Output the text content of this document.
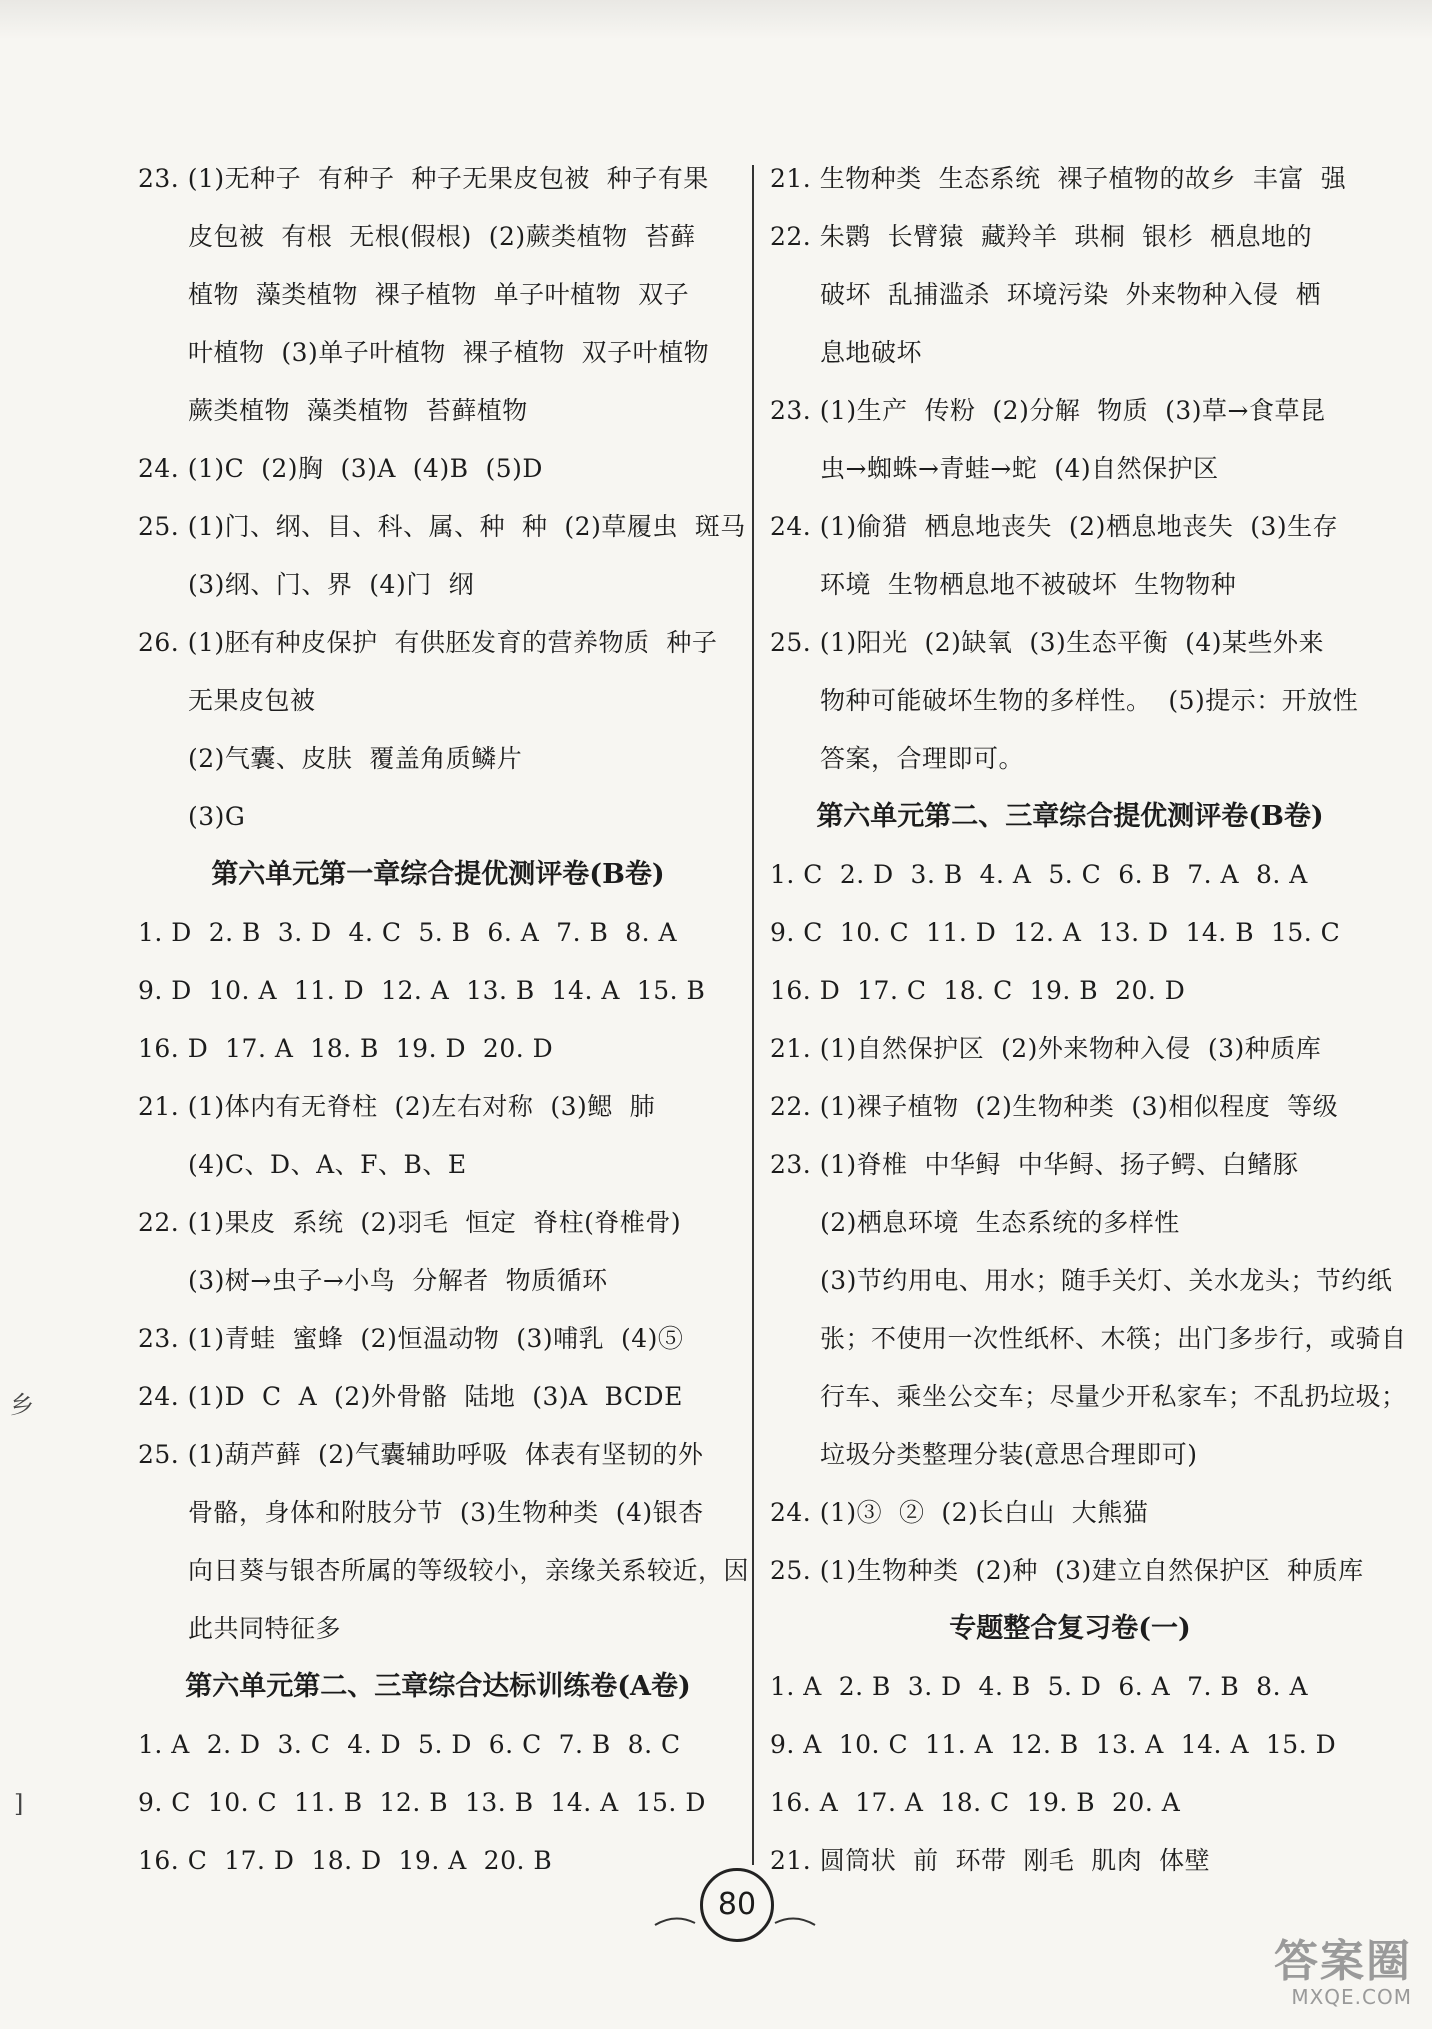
23. (1)无种子  有种子  种子无果皮包被  种子有果
皮包被  有根  无根(假根)  (2)蕨类植物  苔藓
植物  藻类植物  裸子植物  单子叶植物  双子
叶植物  (3)单子叶植物  裸子植物  双子叶植物
蕨类植物  藻类植物  苔藓植物
24. (1)C  (2)胸  (3)A  (4)B  (5)D
25. (1)门、纲、目、科、属、种  种  (2)草履虫  斑马
(3)纲、门、界  (4)门  纲
26. (1)胚有种皮保护  有供胚发育的营养物质  种子
无果皮包被
(2)气囊、皮肤  覆盖角质鳞片
(3)G
第六单元第一章综合提优测评卷(B卷)
1. D  2. B  3. D  4. C  5. B  6. A  7. B  8. A
9. D  10. A  11. D  12. A  13. B  14. A  15. B
16. D  17. A  18. B  19. D  20. D
21. (1)体内有无脊柱  (2)左右对称  (3)鳃  肺
(4)C、D、A、F、B、E
22. (1)果皮  系统  (2)羽毛  恒定  脊柱(脊椎骨)
(3)树→虫子→小鸟  分解者  物质循环
23. (1)青蛙  蜜蜂  (2)恒温动物  (3)哺乳  (4)⑤
24. (1)D  C  A  (2)外骨骼  陆地  (3)A  BCDE
25. (1)葫芦藓  (2)气囊辅助呼吸  体表有坚韧的外
骨骼，身体和附肢分节  (3)生物种类  (4)银杏
向日葵与银杏所属的等级较小，亲缘关系较近，因
此共同特征多
第六单元第二、三章综合达标训练卷(A卷)
1. A  2. D  3. C  4. D  5. D  6. C  7. B  8. C
9. C  10. C  11. B  12. B  13. B  14. A  15. D
16. C  17. D  18. D  19. A  20. B
21. 生物种类  生态系统  裸子植物的故乡  丰富  强
22. 朱鹮  长臂猿  藏羚羊  珙桐  银杉  栖息地的
破坏  乱捕滥杀  环境污染  外来物种入侵  栖
息地破坏
23. (1)生产  传粉  (2)分解  物质  (3)草→食草昆
虫→蜘蛛→青蛙→蛇  (4)自然保护区
24. (1)偷猎  栖息地丧失  (2)栖息地丧失  (3)生存
环境  生物栖息地不被破坏  生物物种
25. (1)阳光  (2)缺氧  (3)生态平衡  (4)某些外来
物种可能破坏生物的多样性。  (5)提示：开放性
答案，合理即可。
第六单元第二、三章综合提优测评卷(B卷)
1. C  2. D  3. B  4. A  5. C  6. B  7. A  8. A
9. C  10. C  11. D  12. A  13. D  14. B  15. C
16. D  17. C  18. C  19. B  20. D
21. (1)自然保护区  (2)外来物种入侵  (3)种质库
22. (1)裸子植物  (2)生物种类  (3)相似程度  等级
23. (1)脊椎  中华鲟  中华鲟、扬子鳄、白鳍豚
(2)栖息环境  生态系统的多样性
(3)节约用电、用水；随手关灯、关水龙头；节约纸
张；不使用一次性纸杯、木筷；出门多步行，或骑自
行车、乘坐公交车；尽量少开私家车；不乱扔垃圾；
垃圾分类整理分装(意思合理即可)
24. (1)③  ②  (2)长白山  大熊猫
25. (1)生物种类  (2)种  (3)建立自然保护区  种质库
专题整合复习卷(一)
1. A  2. B  3. D  4. B  5. D  6. A  7. B  8. A
9. A  10. C  11. A  12. B  13. A  14. A  15. D
16. A  17. A  18. C  19. B  20. A
21. 圆筒状  前  环带  刚毛  肌肉  体壁
乡
]
80
答案圈
MXQE.COM
